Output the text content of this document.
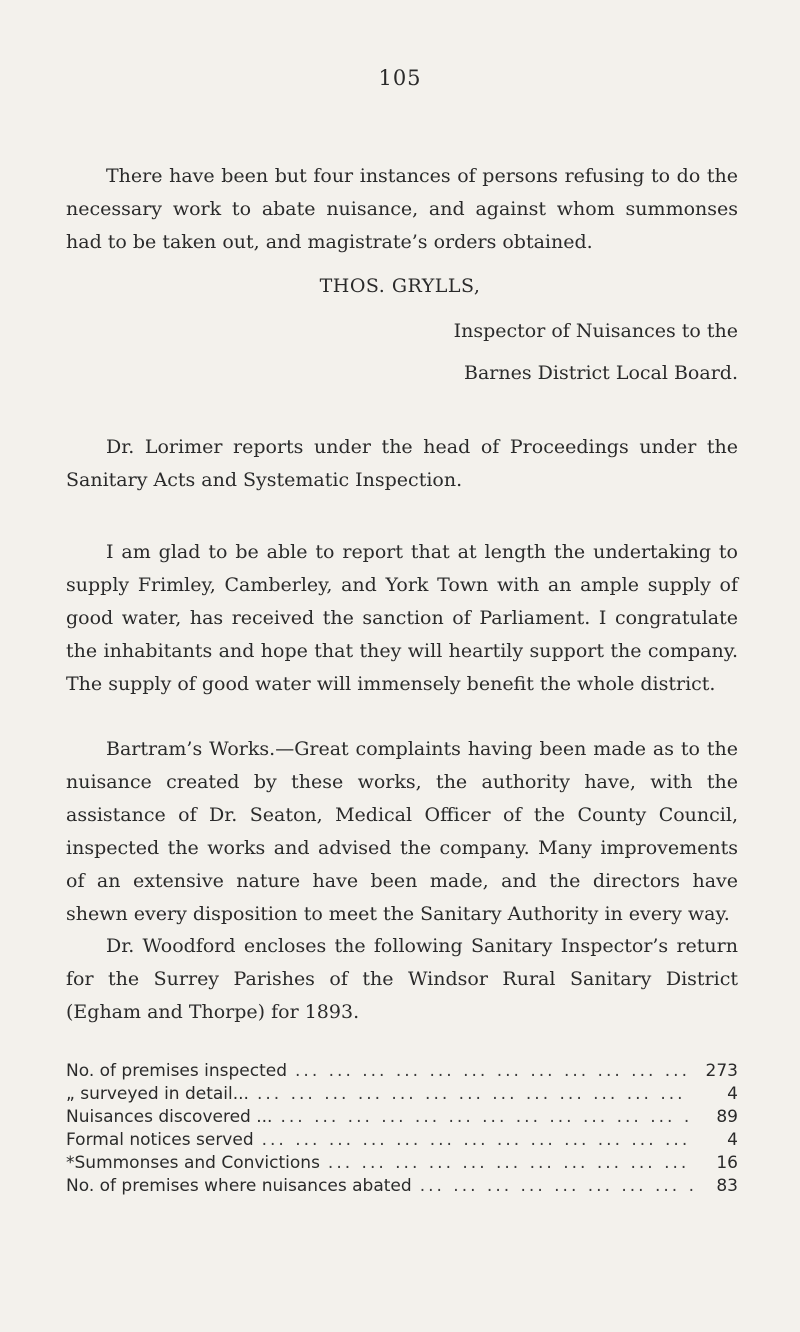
105

There have been but four instances of persons refusing to do the necessary work to abate nuisance, and against whom summonses had to be taken out, and magistrate’s orders obtained.

THOS. GRYLLS,
Inspector of Nuisances to the
Barnes District Local Board.

Dr. Lorimer reports under the head of Proceedings under the Sanitary Acts and Systematic Inspection.

I am glad to be able to report that at length the undertaking to supply Frimley, Camberley, and York Town with an ample supply of good water, has received the sanction of Parliament. I congratulate the inhabitants and hope that they will heartily support the company. The supply of good water will immensely benefit the whole district.

Bartram’s Works.—Great complaints having been made as to the nuisance created by these works, the authority have, with the assistance of Dr. Seaton, Medical Officer of the County Council, inspected the works and advised the company. Many improvements of an extensive nature have been made, and the directors have shewn every disposition to meet the Sanitary Authority in every way.

Dr. Woodford encloses the following Sanitary Inspector’s return for the Surrey Parishes of the Windsor Rural Sanitary District (Egham and Thorpe) for 1893.

No. of premises inspected ... .	273
„ surveyed in detail... ... .	4
Nuisances discovered ... ... .	89
Formal notices served ... .	4
*Summonses and Convictions ... .	16
No. of premises where nuisances abated ... .	83
